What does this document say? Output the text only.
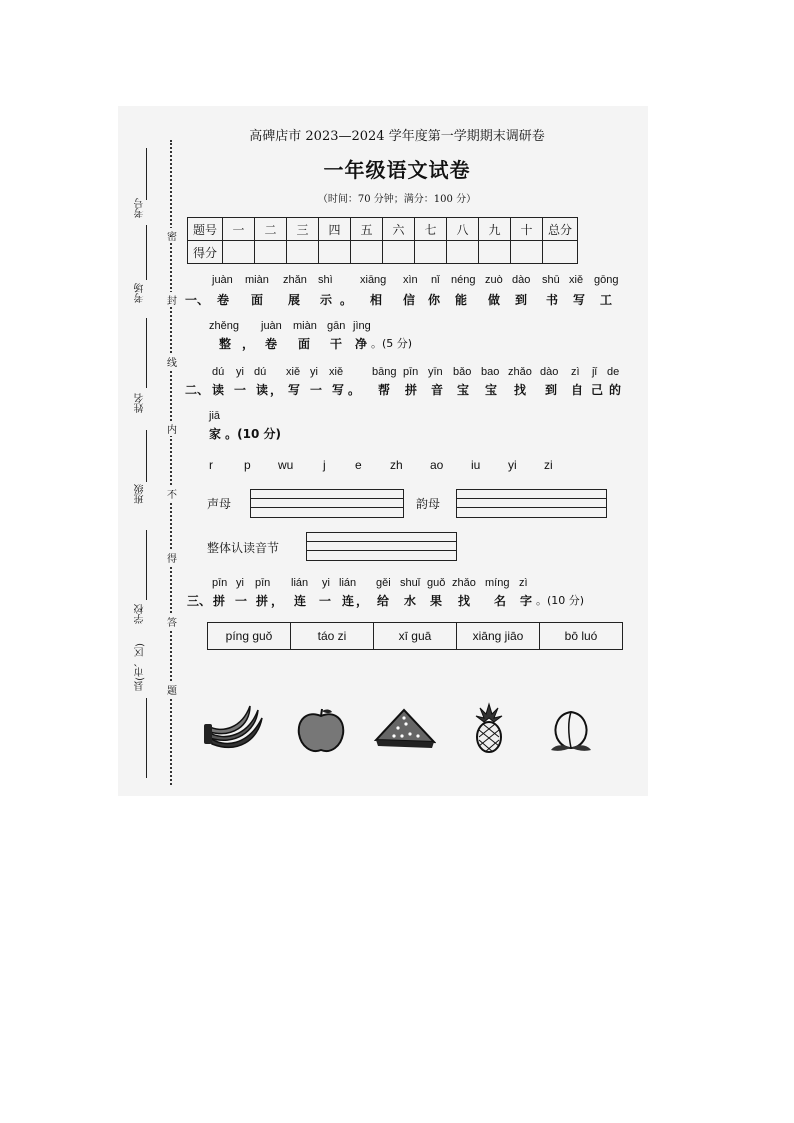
考号
考场
姓名
班级
学校
县(市、区)
密
封
线
内
不
得
答
题
高碑店市 2023—2024 学年度第一学期期末调研卷
一年级语文试卷
（时间：70 分钟；满分：100 分）
题号	一	二	三	四	五	六	七	八	九	十	总分
得分											
juàn miàn zhǎn shì xiāng xìn nǐ néng zuò dào shū xiě gōng
一、 卷 面 展 示 。 相 信 你 能 做 到 书 写 工
zhěng juàn miàn gān jìng
整 ， 卷 面 干 净 。(5 分)
dú yi dú xiě yi xiě	bāng pīn yīn bǎo bao zhǎo dào zì jǐ de
二、 读 一 读 ， 写 一 写 。 帮 拼 音 宝 宝 找 到 自 己 的
jiā
家 。(10 分)
r	p wu j e zh ao iu yi zi
声母	韵母
整体认读音节
pīn yi pīn lián yi lián gěi shuǐ guǒ zhǎo míng zì
三、 拼 一 拼 ， 连 一 连 ， 给 水 果 找 名 字 。(10 分)
píng guǒ	táo zi	xī guā	xiāng jiāo	bō luó
